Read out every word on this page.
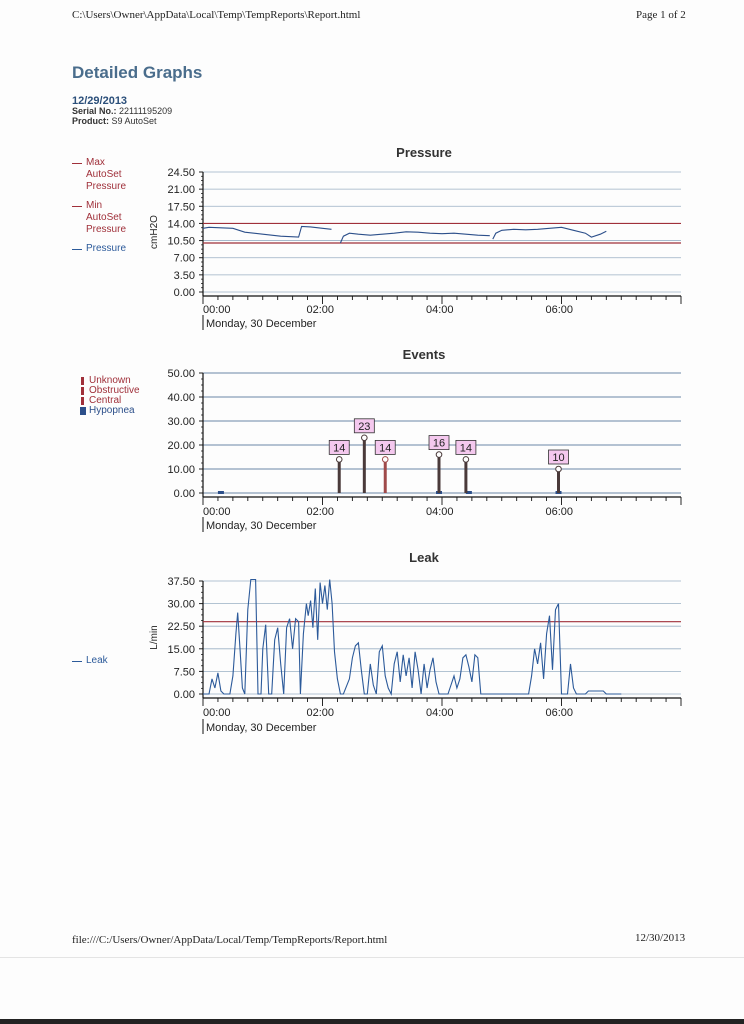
C:\Users\Owner\AppData\Local\Temp\TempReports\Report.html	Page 1 of 2
Detailed Graphs
12/29/2013
Serial No.: 22111195209
Product: S9 AutoSet
Max
AutoSet
Pressure
Min
AutoSet
Pressure
Pressure
Unknown
Obstructive
Central
Hypopnea
Leak
Pressure
Events
Leak
24.50
21.00
17.50
14.00
10.50
7.00
3.50
0.00
00:00	02:00	04:00	06:00
Monday, 30 December
cmH2O
50.00
40.00
30.00
20.00
10.00
0.00
00:00	02:00	04:00	06:00
Monday, 30 December
14
23
14	16 14
10
37.50
30.00
22.50
15.00
7.50
0.00
00:00	02:00	04:00	06:00
Monday, 30 December
L/min
file:///C:/Users/Owner/AppData/Local/Temp/TempReports/Report.html	12/30/2013
